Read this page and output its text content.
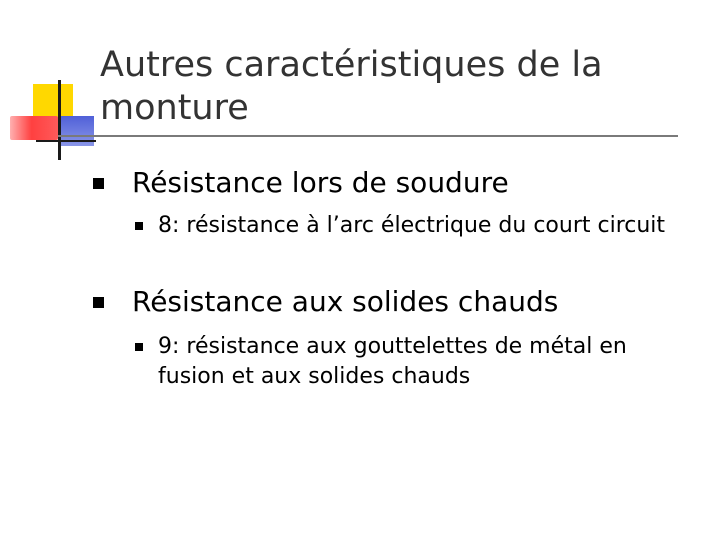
Autres caractéristiques de la monture
Résistance lors de soudure
8: résistance à l’arc électrique du court circuit
Résistance aux solides chauds
9: résistance aux gouttelettes de métal en fusion et aux solides chauds
